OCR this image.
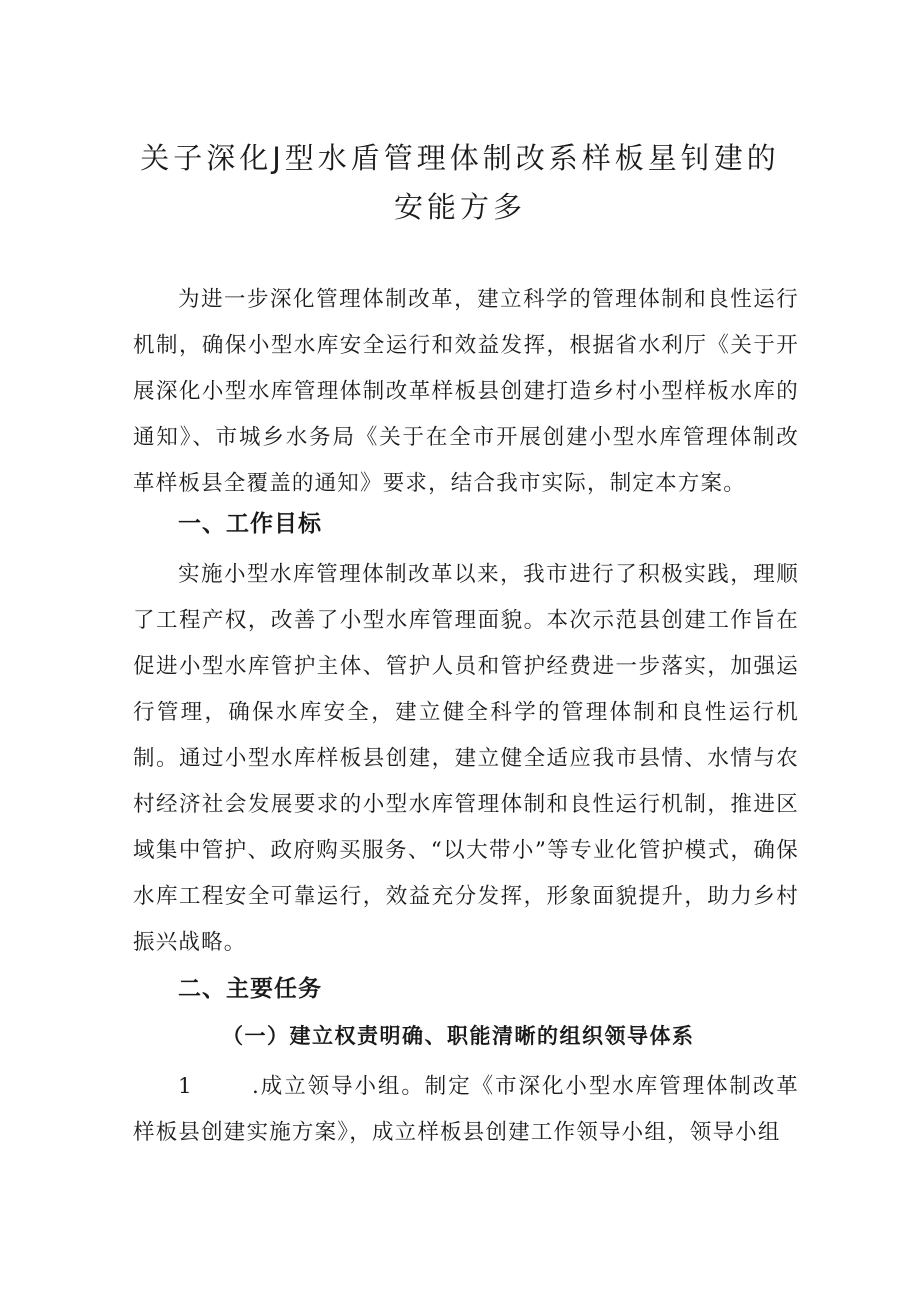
关子深化J型水盾管理体制改系样板星钊建的
安能方多

为进一步深化管理体制改革，建立科学的管理体制和良性运行机制，确保小型水库安全运行和效益发挥，根据省水利厅《关于开展深化小型水库管理体制改革样板县创建打造乡村小型样板水库的通知》、市城乡水务局《关于在全市开展创建小型水库管理体制改革样板县全覆盖的通知》要求，结合我市实际，制定本方案。

一、工作目标

实施小型水库管理体制改革以来，我市进行了积极实践，理顺了工程产权，改善了小型水库管理面貌。本次示范县创建工作旨在促进小型水库管护主体、管护人员和管护经费进一步落实，加强运行管理，确保水库安全，建立健全科学的管理体制和良性运行机制。通过小型水库样板县创建，建立健全适应我市县情、水情与农村经济社会发展要求的小型水库管理体制和良性运行机制，推进区域集中管护、政府购买服务、“以大带小”等专业化管护模式，确保水库工程安全可靠运行，效益充分发挥，形象面貌提升，助力乡村振兴战略。

二、主要任务
（一）建立权责明确、职能清晰的组织领导体系

1	.成立领导小组。制定《市深化小型水库管理体制改革样板县创建实施方案》，成立样板县创建工作领导小组，领导小组
